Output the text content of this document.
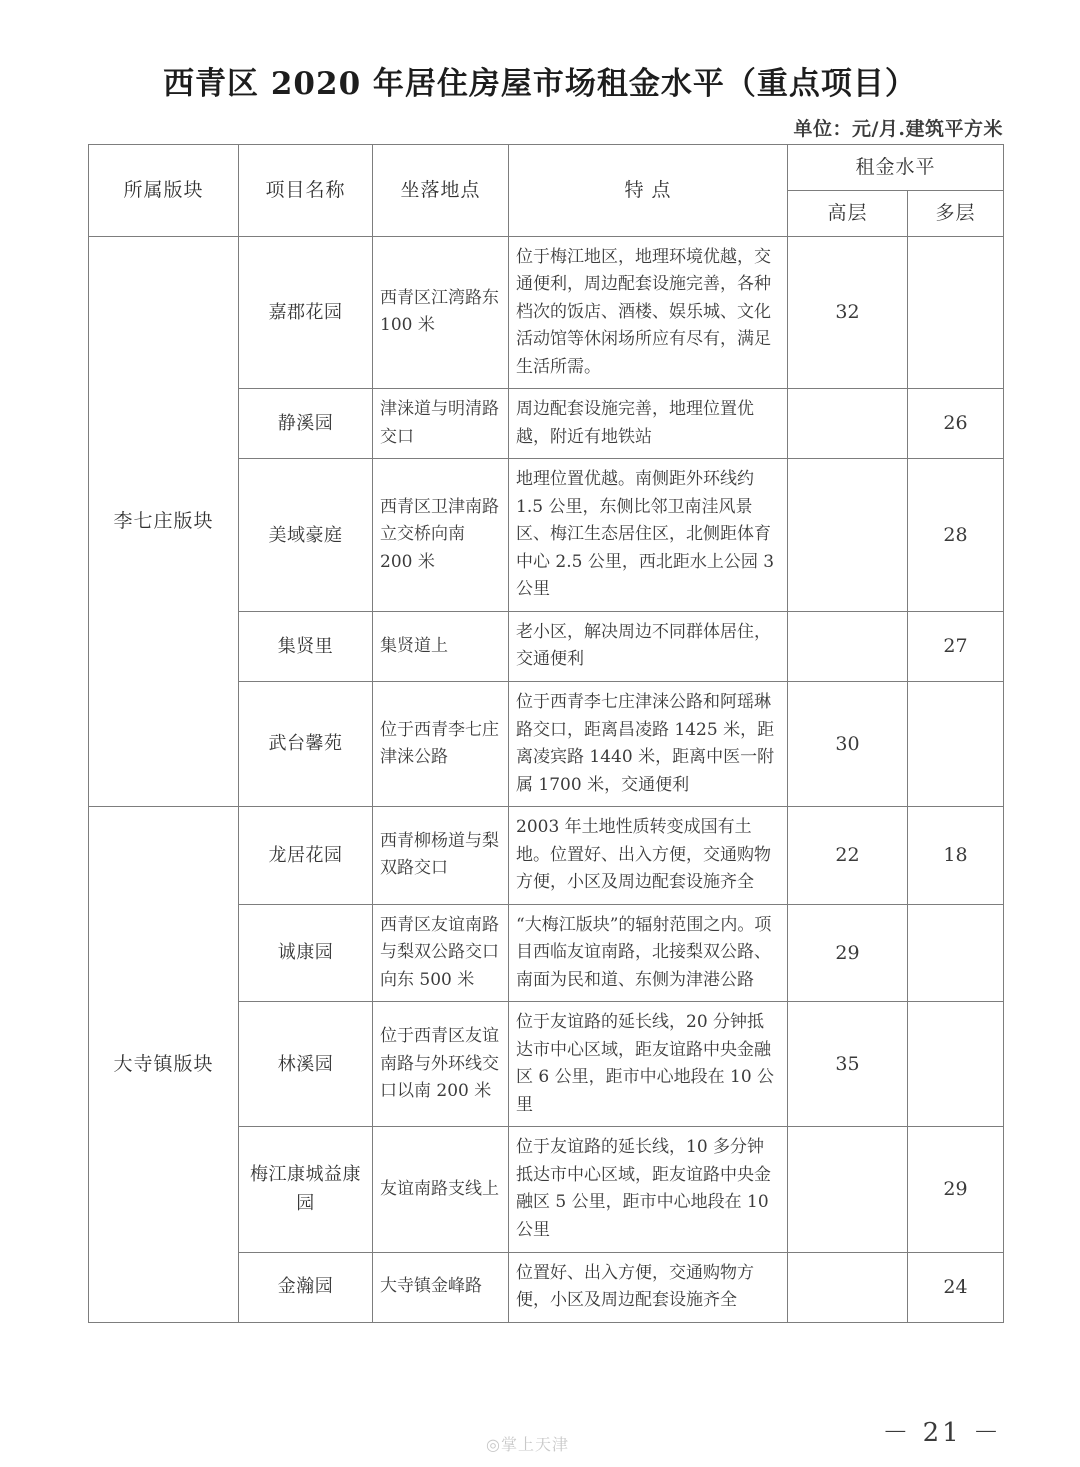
西青区 2020 年居住房屋市场租金水平（重点项目）
单位：元/月.建筑平方米
所属版块	项目名称	坐落地点	特 点	租金水平	
				高层	多层
李七庄版块	嘉郡花园	西青区江湾路东 100 米	位于梅江地区，地理环境优越，交通便利，周边配套设施完善，各种档次的饭店、酒楼、娱乐城、文化活动馆等休闲场所应有尽有，满足生活所需。	32	
	静溪园	津涞道与明清路交口	周边配套设施完善，地理位置优越，附近有地铁站		26
	美域豪庭	西青区卫津南路立交桥向南 200 米	地理位置优越。南侧距外环线约 1.5 公里，东侧比邻卫南洼风景区、梅江生态居住区，北侧距体育中心 2.5 公里，西北距水上公园 3 公里		28
	集贤里	集贤道上	老小区，解决周边不同群体居住，交通便利		27
	武台馨苑	位于西青李七庄津涞公路	位于西青李七庄津涞公路和阿瑶琳路交口，距离昌凌路 1425 米，距离凌宾路 1440 米，距离中医一附属 1700 米，交通便利	30	
大寺镇版块	龙居花园	西青柳杨道与梨双路交口	2003 年土地性质转变成国有土地。位置好、出入方便，交通购物方便，小区及周边配套设施齐全	22	18
	诚康园	西青区友谊南路与梨双公路交口向东 500 米	“大梅江版块”的辐射范围之内。项目西临友谊南路，北接梨双公路、南面为民和道、东侧为津港公路	29	
	林溪园	位于西青区友谊南路与外环线交口以南 200 米	位于友谊路的延长线，20 分钟抵达市中心区域，距友谊路中央金融区 6 公里，距市中心地段在 10 公里	35	
	梅江康城益康园	友谊南路支线上	位于友谊路的延长线，10 多分钟抵达市中心区域，距友谊路中央金融区 5 公里，距市中心地段在 10 公里		29
	金瀚园	大寺镇金峰路	位置好、出入方便，交通购物方便，小区及周边配套设施齐全		24
◎掌上天津	－ 21 －
